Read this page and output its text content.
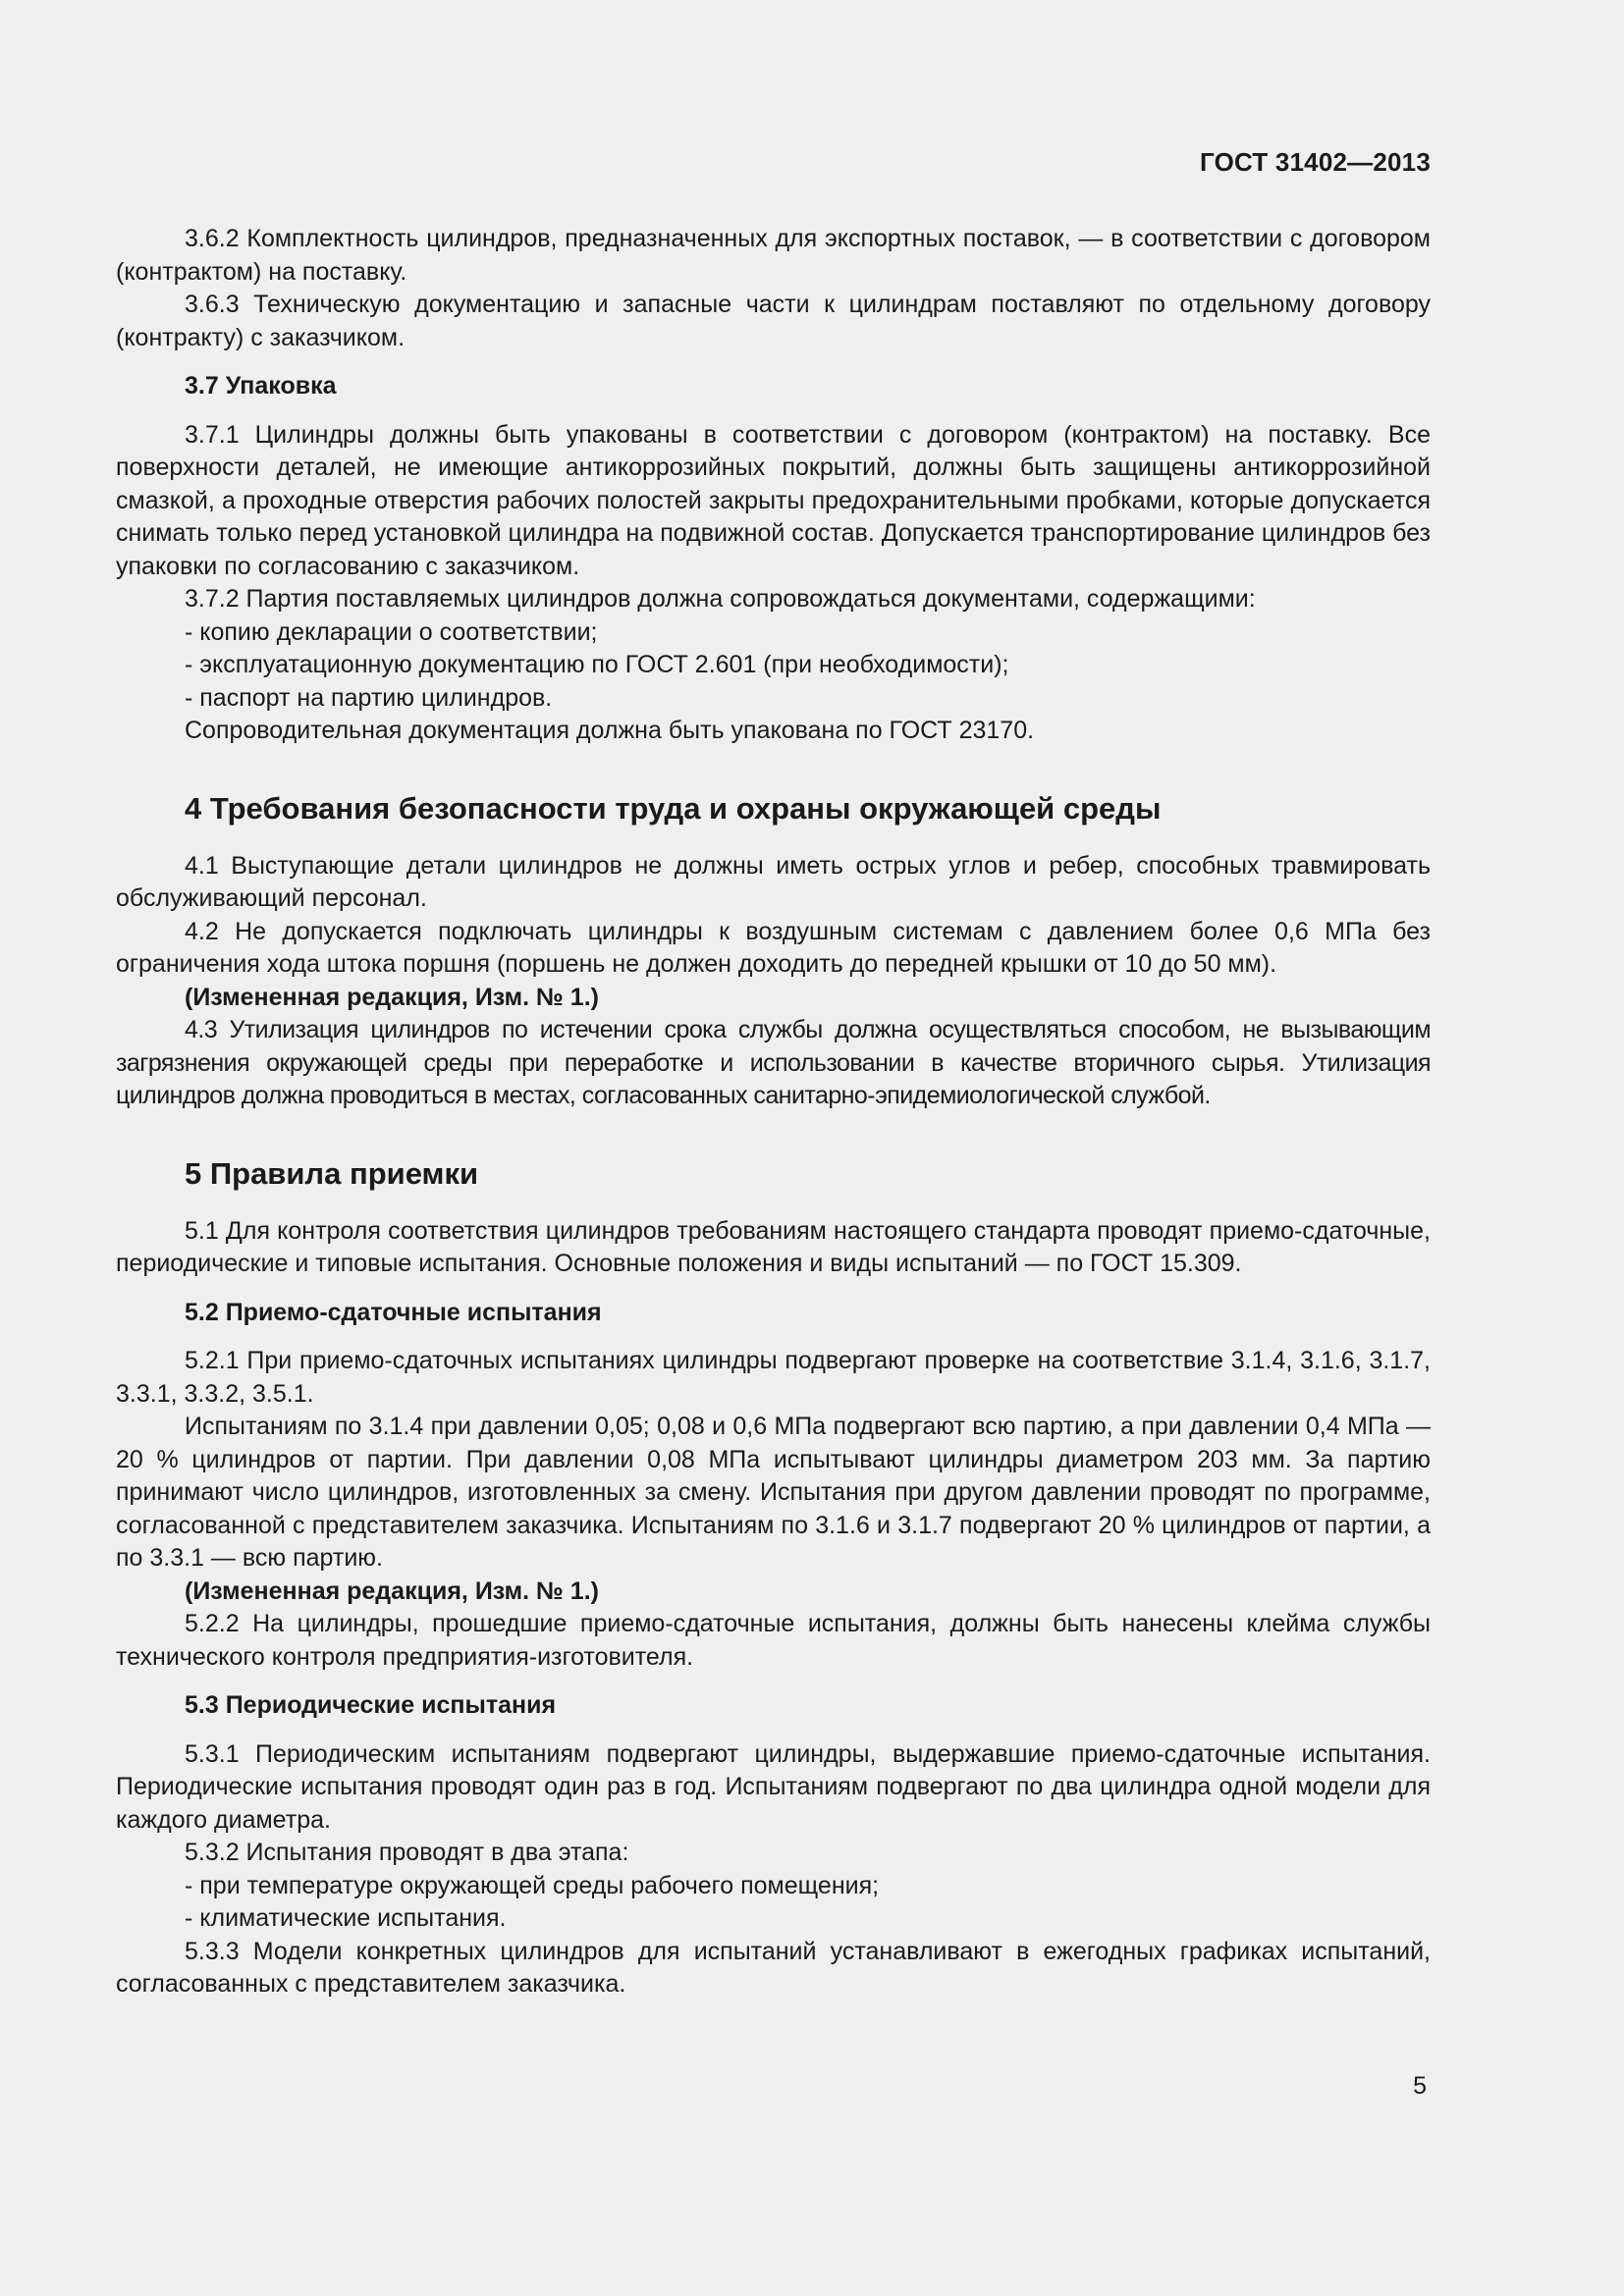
ГОСТ 31402—2013

3.6.2 Комплектность цилиндров, предназначенных для экспортных поставок, — в соответствии с договором (контрактом) на поставку.

3.6.3 Техническую документацию и запасные части к цилиндрам поставляют по отдельному договору (контракту) с заказчиком.

3.7 Упаковка

3.7.1 Цилиндры должны быть упакованы в соответствии с договором (контрактом) на поставку. Все поверхности деталей, не имеющие антикоррозийных покрытий, должны быть защищены антикоррозийной смазкой, а проходные отверстия рабочих полостей закрыты предохранительными пробками, которые допускается снимать только перед установкой цилиндра на подвижной состав. Допускается транспортирование цилиндров без упаковки по согласованию с заказчиком.

3.7.2 Партия поставляемых цилиндров должна сопровождаться документами, содержащими:

- копию декларации о соответствии;

- эксплуатационную документацию по ГОСТ 2.601 (при необходимости);

- паспорт на партию цилиндров.

Сопроводительная документация должна быть упакована по ГОСТ 23170.

4 Требования безопасности труда и охраны окружающей среды

4.1 Выступающие детали цилиндров не должны иметь острых углов и ребер, способных травмировать обслуживающий персонал.

4.2 Не допускается подключать цилиндры к воздушным системам с давлением более 0,6 МПа без ограничения хода штока поршня (поршень не должен доходить до передней крышки от 10 до 50 мм).

(Измененная редакция, Изм. № 1.)

4.3 Утилизация цилиндров по истечении срока службы должна осуществляться способом, не вызывающим загрязнения окружающей среды при переработке и использовании в качестве вторичного сырья. Утилизация цилиндров должна проводиться в местах, согласованных санитарно-эпидемиологической службой.

5 Правила приемки

5.1 Для контроля соответствия цилиндров требованиям настоящего стандарта проводят приемо-сдаточные, периодические и типовые испытания. Основные положения и виды испытаний — по ГОСТ 15.309.

5.2 Приемо-сдаточные испытания

5.2.1 При приемо-сдаточных испытаниях цилиндры подвергают проверке на соответствие 3.1.4, 3.1.6, 3.1.7, 3.3.1, 3.3.2, 3.5.1.

Испытаниям по 3.1.4 при давлении 0,05; 0,08 и 0,6 МПа подвергают всю партию, а при давлении 0,4 МПа — 20 % цилиндров от партии. При давлении 0,08 МПа испытывают цилиндры диаметром 203 мм. За партию принимают число цилиндров, изготовленных за смену. Испытания при другом давлении проводят по программе, согласованной с представителем заказчика. Испытаниям по 3.1.6 и 3.1.7 подвергают 20 % цилиндров от партии, а по 3.3.1 — всю партию.

(Измененная редакция, Изм. № 1.)

5.2.2 На цилиндры, прошедшие приемо-сдаточные испытания, должны быть нанесены клейма службы технического контроля предприятия-изготовителя.

5.3 Периодические испытания

5.3.1 Периодическим испытаниям подвергают цилиндры, выдержавшие приемо-сдаточные испытания. Периодические испытания проводят один раз в год. Испытаниям подвергают по два цилиндра одной модели для каждого диаметра.

5.3.2 Испытания проводят в два этапа:

- при температуре окружающей среды рабочего помещения;

- климатические испытания.

5.3.3 Модели конкретных цилиндров для испытаний устанавливают в ежегодных графиках испытаний, согласованных с представителем заказчика.

5
